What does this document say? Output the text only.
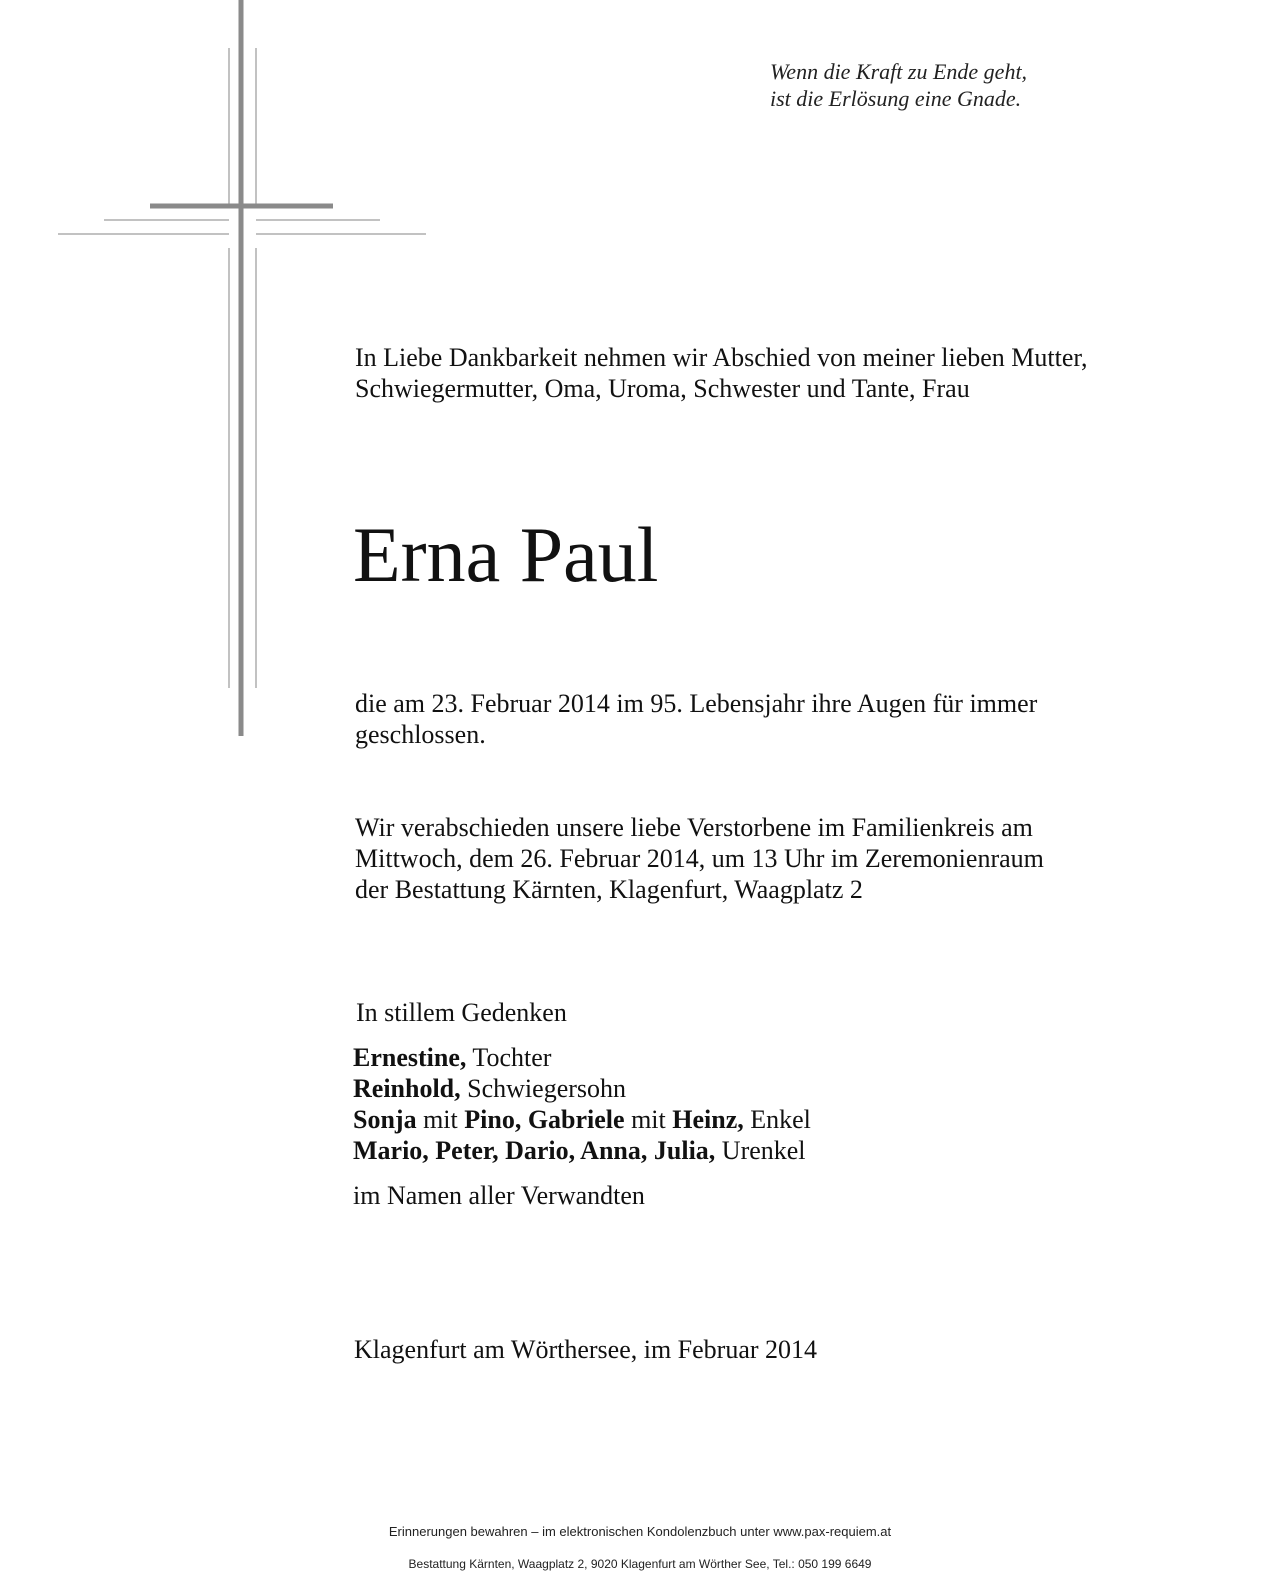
Wenn die Kraft zu Ende geht,
ist die Erlösung eine Gnade.
In Liebe Dankbarkeit nehmen wir Abschied von meiner lieben Mutter,
Schwiegermutter, Oma, Uroma, Schwester und Tante, Frau
Erna Paul
die am 23. Februar 2014 im 95. Lebensjahr ihre Augen für immer
geschlossen.
Wir verabschieden unsere liebe Verstorbene im Familienkreis am
Mittwoch, dem 26. Februar 2014, um 13 Uhr im Zeremonienraum
der Bestattung Kärnten, Klagenfurt, Waagplatz 2
In stillem Gedenken
Ernestine, Tochter
Reinhold, Schwiegersohn
Sonja mit Pino, Gabriele mit Heinz, Enkel
Mario, Peter, Dario, Anna, Julia, Urenkel
im Namen aller Verwandten
Klagenfurt am Wörthersee, im Februar 2014
Erinnerungen bewahren – im elektronischen Kondolenzbuch unter www.pax-requiem.at
Bestattung Kärnten, Waagplatz 2, 9020 Klagenfurt am Wörther See, Tel.: 050 199 6649
